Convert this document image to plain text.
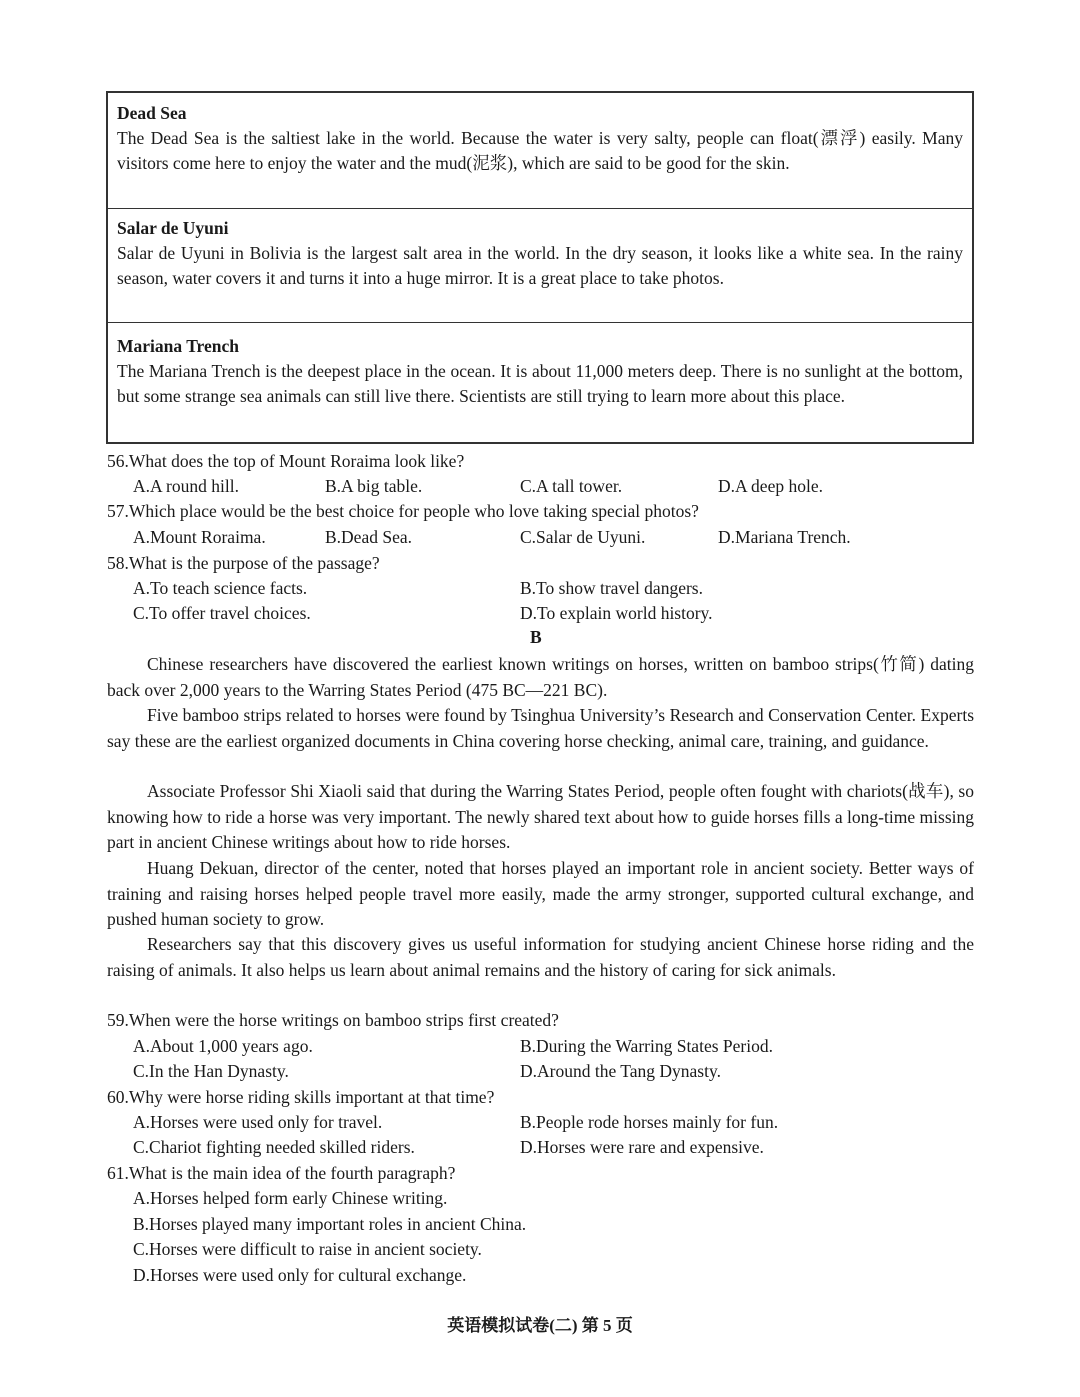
Dead Sea
The Dead Sea is the saltiest lake in the world. Because the water is very salty, people can float(漂浮) easily. Many visitors come here to enjoy the water and the mud(泥浆), which are said to be good for the skin.
Salar de Uyuni
Salar de Uyuni in Bolivia is the largest salt area in the world. In the dry season, it looks like a white sea. In the rainy season, water covers it and turns it into a huge mirror. It is a great place to take photos.
Mariana Trench
The Mariana Trench is the deepest place in the ocean. It is about 11,000 meters deep. There is no sunlight at the bottom, but some strange sea animals can still live there. Scientists are still trying to learn more about this place.
56.What does the top of Mount Roraima look like?
A.A round hill.	B.A big table.	C.A tall tower.	D.A deep hole.
57.Which place would be the best choice for people who love taking special photos?
A.Mount Roraima.	B.Dead Sea.	C.Salar de Uyuni.	D.Mariana Trench.
58.What is the purpose of the passage?
A.To teach science facts.	B.To show travel dangers.
C.To offer travel choices.	D.To explain world history.
B
Chinese researchers have discovered the earliest known writings on horses, written on bamboo strips(竹简) dating back over 2,000 years to the Warring States Period (475 BC—221 BC).
Five bamboo strips related to horses were found by Tsinghua University’s Research and Conservation Center. Experts say these are the earliest organized documents in China covering horse checking, animal care, training, and guidance.
Associate Professor Shi Xiaoli said that during the Warring States Period, people often fought with chariots(战车), so knowing how to ride a horse was very important. The newly shared text about how to guide horses fills a long-time missing part in ancient Chinese writings about how to ride horses.
Huang Dekuan, director of the center, noted that horses played an important role in ancient society. Better ways of training and raising horses helped people travel more easily, made the army stronger, supported cultural exchange, and pushed human society to grow.
Researchers say that this discovery gives us useful information for studying ancient Chinese horse riding and the raising of animals. It also helps us learn about animal remains and the history of caring for sick animals.
59.When were the horse writings on bamboo strips first created?
A.About 1,000 years ago.	B.During the Warring States Period.
C.In the Han Dynasty.	D.Around the Tang Dynasty.
60.Why were horse riding skills important at that time?
A.Horses were used only for travel.	B.People rode horses mainly for fun.
C.Chariot fighting needed skilled riders.	D.Horses were rare and expensive.
61.What is the main idea of the fourth paragraph?
A.Horses helped form early Chinese writing.
B.Horses played many important roles in ancient China.
C.Horses were difficult to raise in ancient society.
D.Horses were used only for cultural exchange.
英语模拟试卷(二) 第 5 页
